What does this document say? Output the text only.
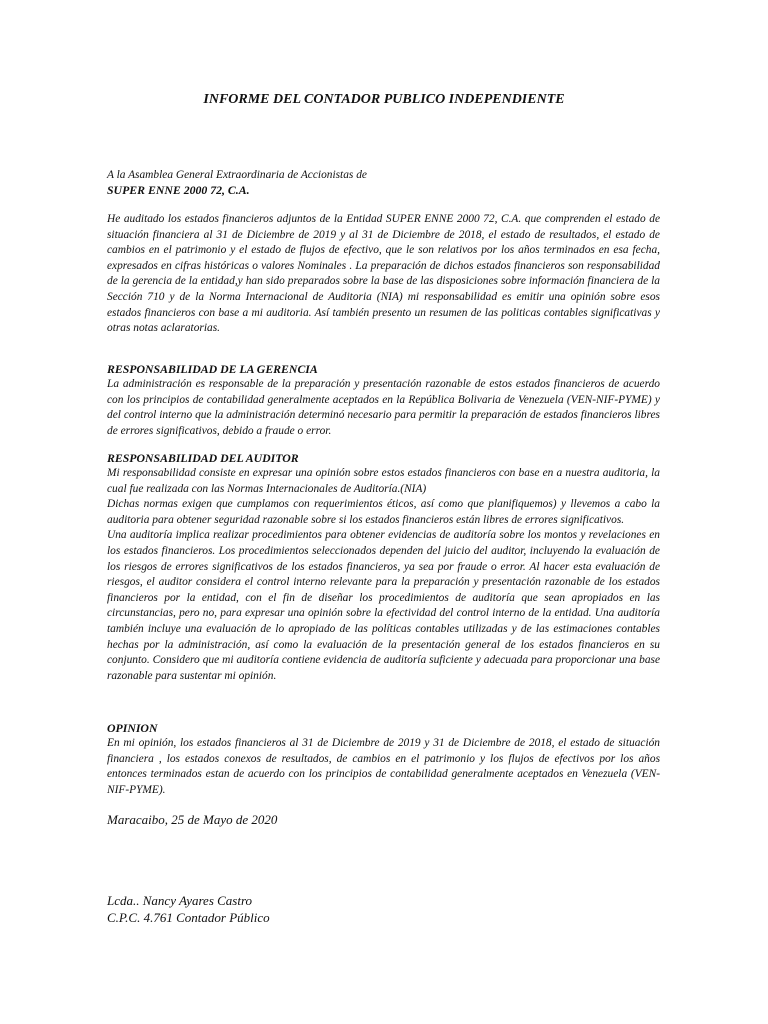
INFORME DEL CONTADOR PUBLICO INDEPENDIENTE
A la Asamblea General Extraordinaria de Accionistas de
SUPER ENNE 2000 72, C.A.

He auditado los estados financieros adjuntos de la Entidad SUPER ENNE 2000 72, C.A. que comprenden el estado de situación financiera al 31 de Diciembre de 2019 y al 31 de Diciembre de 2018, el estado de resultados, el estado de cambios en el patrimonio y el estado de flujos de efectivo, que le son relativos por los años terminados en esa fecha, expresados en cifras históricas o valores Nominales . La preparación de dichos estados financieros son responsabilidad de la gerencia de la entidad,y han sido preparados sobre la base de las disposiciones sobre información financiera de la Sección 710 y de la Norma Internacional de Auditoria (NIA) mi responsabilidad es emitir una opinión sobre esos estados financieros con base a mi auditoria. Así también presento un resumen de las politicas contables significativas y otras notas aclaratorias.

RESPONSABILIDAD DE LA GERENCIA

La administración es responsable de la preparación y presentación razonable de estos estados financieros de acuerdo con los principios de contabilidad generalmente aceptados en la República Bolivaria de Venezuela (VEN-NIF-PYME) y del control interno que la administración determinó necesario para permitir la preparación de estados financieros libres de errores significativos, debido a fraude o error.

RESPONSABILIDAD DEL AUDITOR

Mi responsabilidad consiste en expresar una opinión sobre estos estados financieros con base en a nuestra auditoria, la cual fue realizada con las Normas Internacionales de Auditoría.(NIA)

Dichas normas exigen que cumplamos con requerimientos éticos, así como que planifiquemos) y llevemos a cabo la auditoria para obtener seguridad razonable sobre si los estados financieros están libres de errores significativos.

Una auditoría implica realizar procedimientos para obtener evidencias de auditoría sobre los montos y revelaciones en los estados financieros. Los procedimientos seleccionados dependen del juicio del auditor, incluyendo la evaluación de los riesgos de errores significativos de los estados financieros, ya sea por fraude o error. Al hacer esta evaluación de riesgos, el auditor considera el control interno relevante para la preparación y presentación razonable de los estados financieros por la entidad, con el fin de diseñar los procedimientos de auditoría que sean apropiados en las circunstancias, pero no, para expresar una opinión sobre la efectividad del control interno de la entidad. Una auditoría también incluye una evaluación de lo apropiado de las políticas contables utilizadas y de las estimaciones contables hechas por la administración, así como la evaluación de la presentación general de los estados financieros en su conjunto. Considero que mi auditoría contiene evidencia de auditoría suficiente y adecuada para proporcionar una base razonable para sustentar mi opinión.

OPINION

En mi opinión, los estados financieros al 31 de Diciembre de 2019 y 31 de Diciembre de 2018, el estado de situación financiera , los estados conexos de resultados, de cambios en el patrimonio y los flujos de efectivos por los años entonces terminados estan de acuerdo con los principios de contabilidad generalmente aceptados en Venezuela (VEN-NIF-PYME).

Maracaibo, 25 de Mayo de 2020
Lcda.. Nancy Ayares Castro
C.P.C. 4.761 Contador Público
